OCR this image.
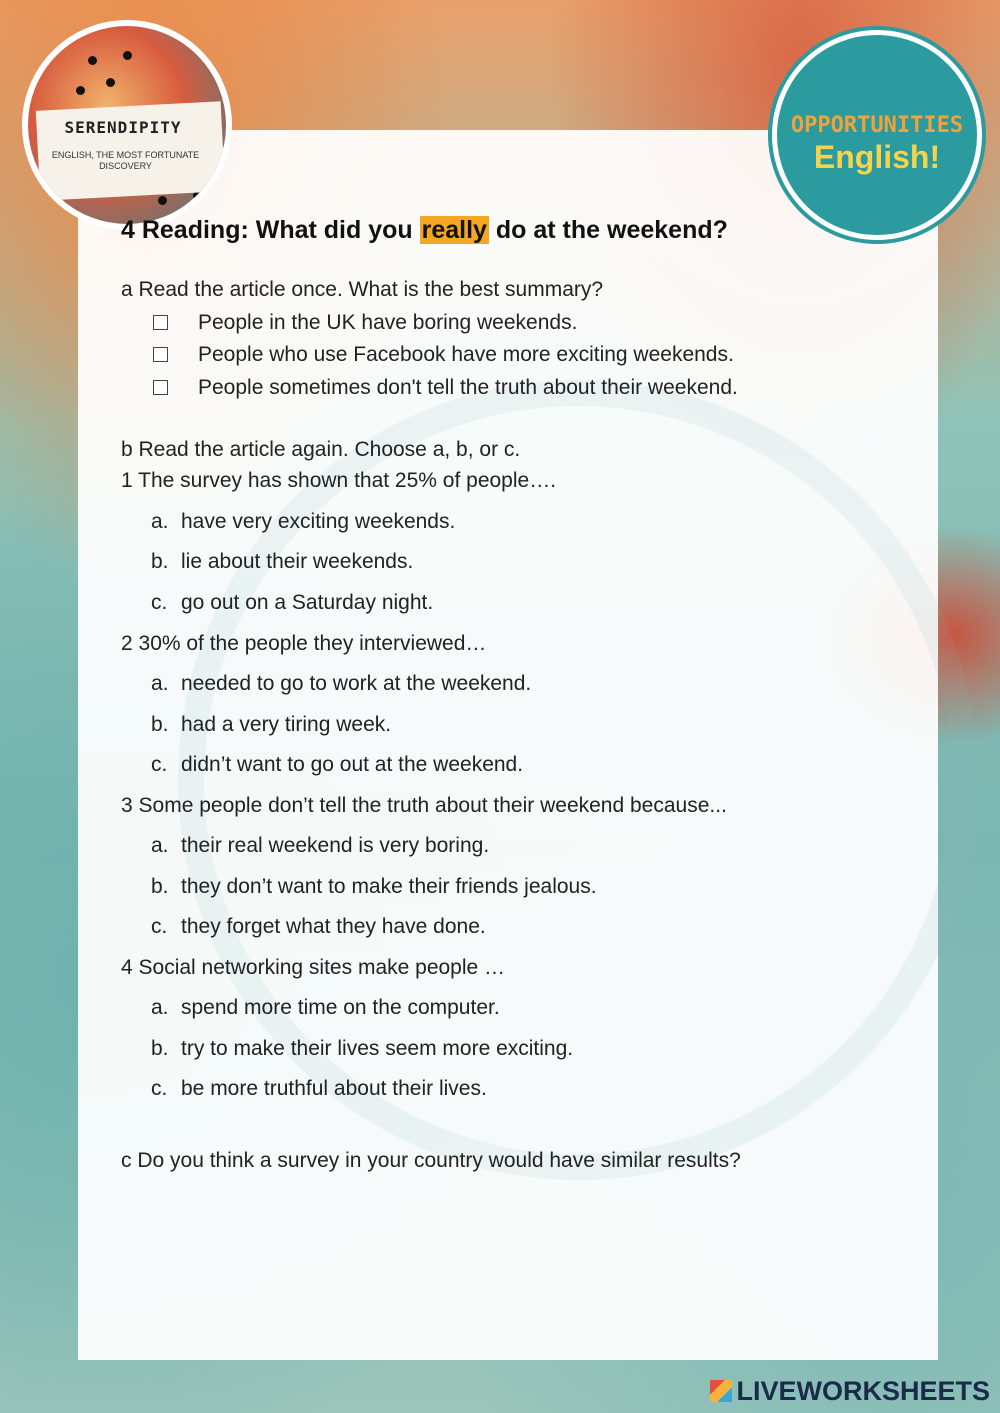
SERENDIPITY
ENGLISH, THE MOST FORTUNATE DISCOVERY
OPPORTUNITIES
English!
4 Reading: What did you really do at the weekend?
a Read the article once. What is the best summary?
People in the UK have boring weekends.
People who use Facebook have more exciting weekends.
People sometimes don't tell the truth about their weekend.
b Read the article again. Choose a, b, or c.
1 The survey has shown that 25% of people….
a. have very exciting weekends.
b. lie about their weekends.
c. go out on a Saturday night.
2 30% of the people they interviewed…
a. needed to go to work at the weekend.
b. had a very tiring week.
c. didn’t want to go out at the weekend.
3 Some people don’t tell the truth about their weekend because...
a. their real weekend is very boring.
b. they don’t want to make their friends jealous.
c. they forget what they have done.
4 Social networking sites make people …
a. spend more time on the computer.
b. try to make their lives seem more exciting.
c. be more truthful about their lives.
c Do you think a survey in your country would have similar results?
LIVEWORKSHEETS
